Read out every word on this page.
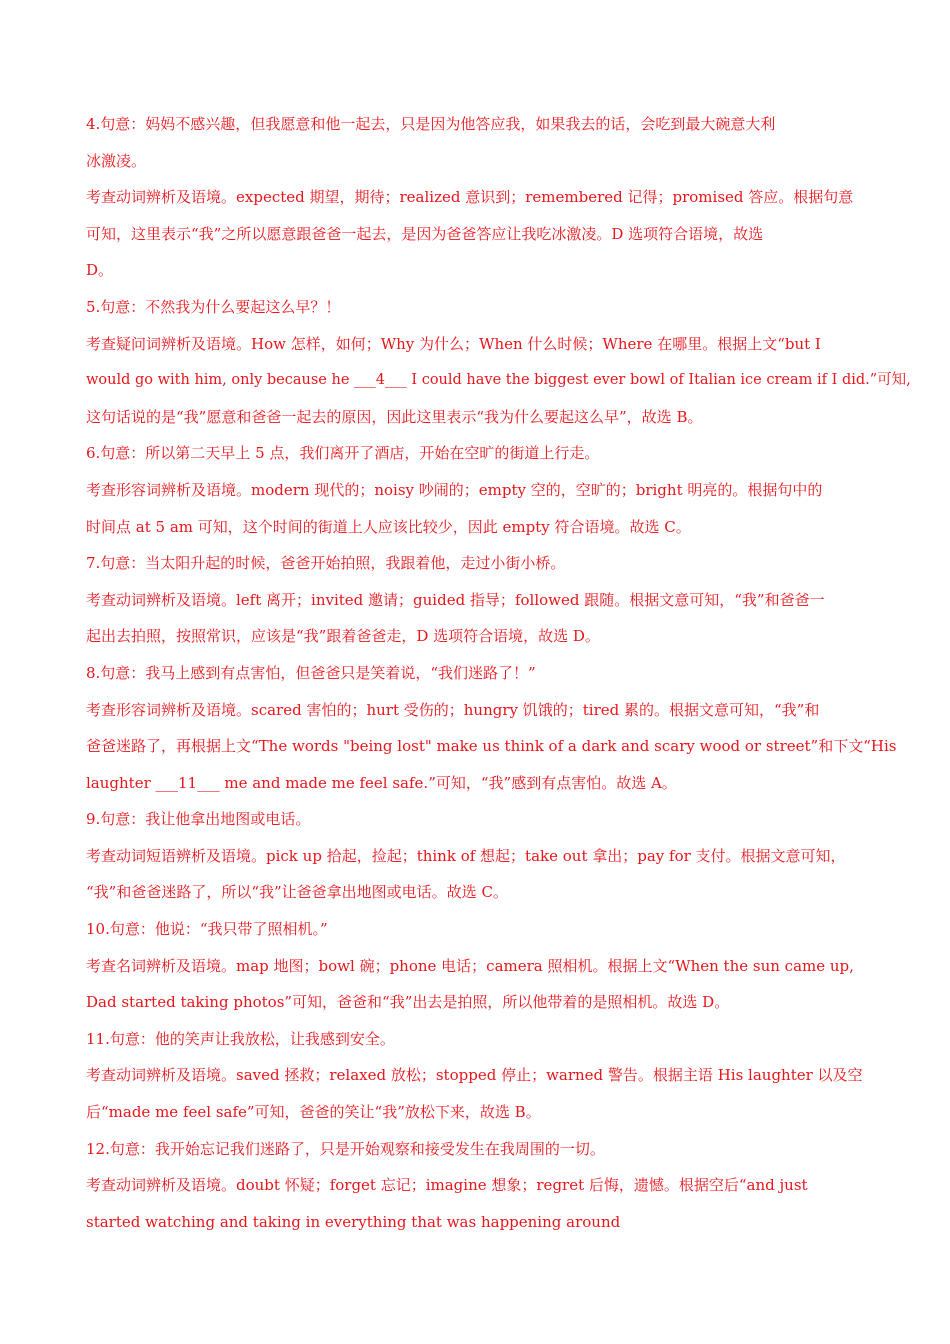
4.句意：妈妈不感兴趣，但我愿意和他一起去，只是因为他答应我，如果我去的话，会吃到最大碗意大利
冰激凌。
考查动词辨析及语境。expected 期望，期待；realized 意识到；remembered 记得；promised 答应。根据句意
可知，这里表示“我”之所以愿意跟爸爸一起去，是因为爸爸答应让我吃冰激凌。D 选项符合语境，故选
D。
5.句意：不然我为什么要起这么早？！
考查疑问词辨析及语境。How 怎样，如何；Why 为什么；When 什么时候；Where 在哪里。根据上文“but I
would go with him, only because he ___4___ I could have the biggest ever bowl of Italian ice cream if I did.”可知,
这句话说的是“我”愿意和爸爸一起去的原因，因此这里表示“我为什么要起这么早”，故选 B。
6.句意：所以第二天早上 5 点，我们离开了酒店，开始在空旷的街道上行走。
考查形容词辨析及语境。modern 现代的；noisy 吵闹的；empty 空的，空旷的；bright 明亮的。根据句中的
时间点 at 5 am 可知，这个时间的街道上人应该比较少，因此 empty 符合语境。故选 C。
7.句意：当太阳升起的时候，爸爸开始拍照，我跟着他，走过小街小桥。
考查动词辨析及语境。left 离开；invited 邀请；guided 指导；followed 跟随。根据文意可知，“我”和爸爸一
起出去拍照，按照常识，应该是“我”跟着爸爸走，D 选项符合语境，故选 D。
8.句意：我马上感到有点害怕，但爸爸只是笑着说，“我们迷路了！”
考查形容词辨析及语境。scared 害怕的；hurt 受伤的；hungry 饥饿的；tired 累的。根据文意可知，“我”和
爸爸迷路了，再根据上文“The words "being lost" make us think of a dark and scary wood or street”和下文“His
laughter ___11___ me and made me feel safe.”可知，“我”感到有点害怕。故选 A。
9.句意：我让他拿出地图或电话。
考查动词短语辨析及语境。pick up 拾起，捡起；think of 想起；take out 拿出；pay for 支付。根据文意可知，
“我”和爸爸迷路了，所以“我”让爸爸拿出地图或电话。故选 C。
10.句意：他说：“我只带了照相机。”
考查名词辨析及语境。map 地图；bowl 碗；phone 电话；camera 照相机。根据上文“When the sun came up,
Dad started taking photos”可知，爸爸和“我”出去是拍照，所以他带着的是照相机。故选 D。
11.句意：他的笑声让我放松，让我感到安全。
考查动词辨析及语境。saved 拯救；relaxed 放松；stopped 停止；warned 警告。根据主语 His laughter 以及空
后“made me feel safe”可知，爸爸的笑让“我”放松下来，故选 B。
12.句意：我开始忘记我们迷路了，只是开始观察和接受发生在我周围的一切。
考查动词辨析及语境。doubt 怀疑；forget 忘记；imagine 想象；regret 后悔，遗憾。根据空后“and just
started watching and taking in everything that was happening around
